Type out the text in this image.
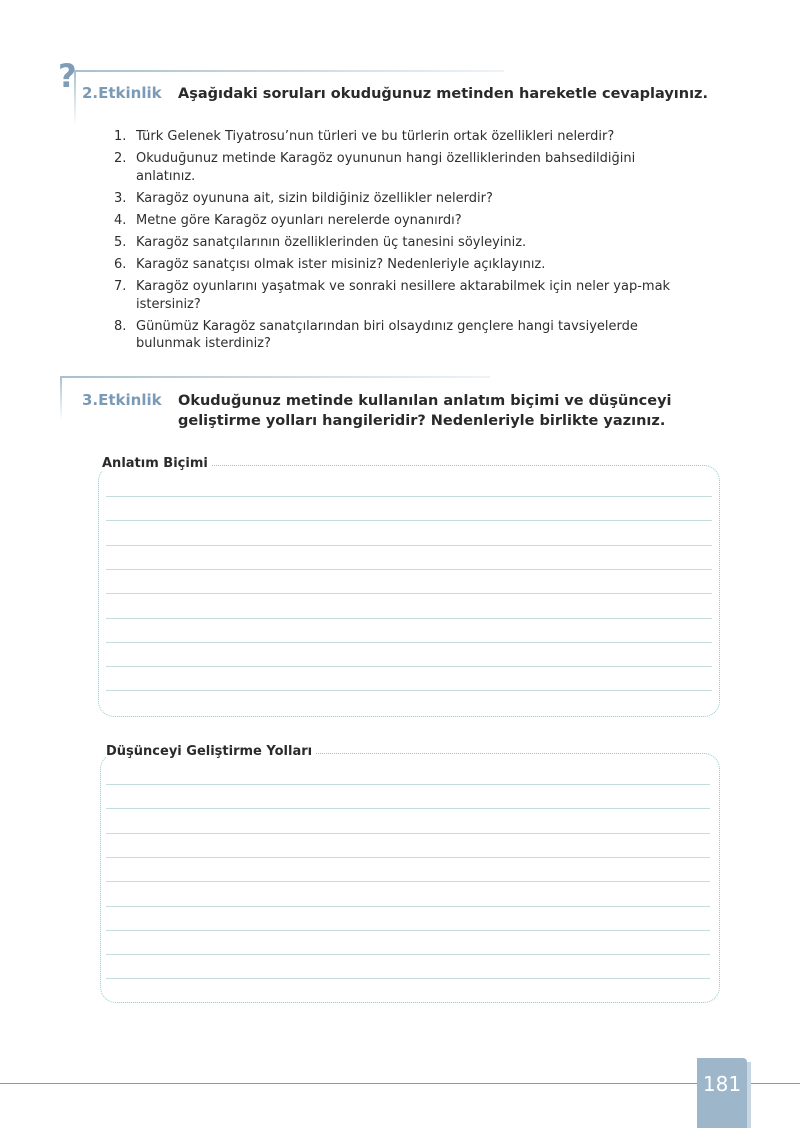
? 2.Etkinlik Aşağıdaki soruları okuduğunuz metinden hareketle cevaplayınız.
1. Türk Gelenek Tiyatrosu’nun türleri ve bu türlerin ortak özellikleri nelerdir?
2. Okuduğunuz metinde Karagöz oyununun hangi özelliklerinden bahsedildiğini anlatınız.
3. Karagöz oyununa ait, sizin bildiğiniz özellikler nelerdir?
4. Metne göre Karagöz oyunları nerelerde oynanırdı?
5. Karagöz sanatçılarının özelliklerinden üç tanesini söyleyiniz.
6. Karagöz sanatçısı olmak ister misiniz? Nedenleriyle açıklayınız.
7. Karagöz oyunlarını yaşatmak ve sonraki nesillere aktarabilmek için neler yap-mak istersiniz?
8. Günümüz Karagöz sanatçılarından biri olsaydınız gençlere hangi tavsiyelerde bulunmak isterdiniz?
3.Etkinlik Okuduğunuz metinde kullanılan anlatım biçimi ve düşünceyi geliştirme yolları hangileridir? Nedenleriyle birlikte yazınız.
Anlatım Biçimi
Düşünceyi Geliştirme Yolları
181
